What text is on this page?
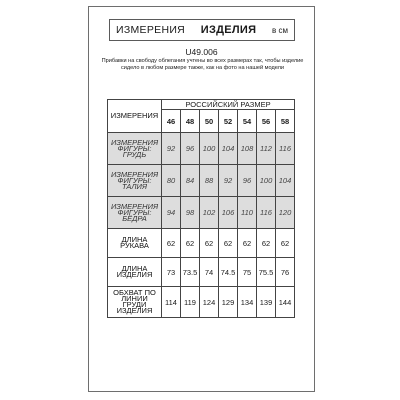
ИЗМЕРЕНИЯ ИЗДЕЛИЯ в см
U49.006
Прибавки на свободу облегания учтены во всех размерах так, чтобы изделие сидело в любом размере также, как на фото на нашей модели
ИЗМЕРЕНИЯ	РОССИЙСКИЙ РАЗМЕР						
	46	48	50	52	54	56	58
ИЗМЕРЕНИЯ ФИГУРЫ: ГРУДЬ	92	96	100	104	108	112	116
ИЗМЕРЕНИЯ ФИГУРЫ: ТАЛИЯ	80	84	88	92	96	100	104
ИЗМЕРЕНИЯ ФИГУРЫ: БЁДРА	94	98	102	106	110	116	120
ДЛИНА РУКАВА	62	62	62	62	62	62	62
ДЛИНА ИЗДЕЛИЯ	73	73.5	74	74.5	75	75.5	76
ОБХВАТ ПО ЛИНИИ ГРУДИ ИЗДЕЛИЯ	114	119	124	129	134	139	144
